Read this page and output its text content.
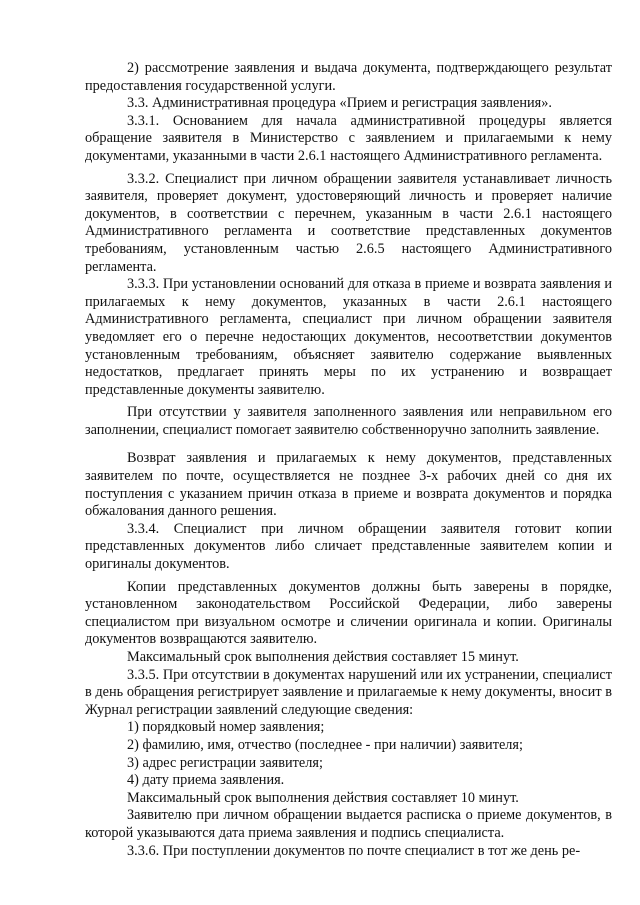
2) рассмотрение заявления и выдача документа, подтверждающего результат предоставления государственной услуги.

3.3. Административная процедура «Прием и регистрация заявления».

3.3.1. Основанием для начала административной процедуры является обращение заявителя в Министерство с заявлением и прилагаемыми к нему документами, указанными в части 2.6.1 настоящего Административного регламента.

3.3.2. Специалист при личном обращении заявителя устанавливает личность заявителя, проверяет документ, удостоверяющий личность и проверяет наличие документов, в соответствии с перечнем, указанным в части 2.6.1 настоящего Административного регламента и соответствие представленных документов требованиям, установленным частью 2.6.5 настоящего Административного регламента.

3.3.3. При установлении оснований для отказа в приеме и возврата заявления и прилагаемых к нему документов, указанных в части 2.6.1 настоящего Административного регламента, специалист при личном обращении заявителя уведомляет его о перечне недостающих документов, несоответствии документов установленным требованиям, объясняет заявителю содержание выявленных недостатков, предлагает принять меры по их устранению и возвращает представленные документы заявителю.

При отсутствии у заявителя заполненного заявления или неправильном его заполнении, специалист помогает заявителю собственноручно заполнить заявление.

Возврат заявления и прилагаемых к нему документов, представленных заявителем по почте, осуществляется не позднее 3-х рабочих дней со дня их поступления с указанием причин отказа в приеме и возврата документов и порядка обжалования данного решения.

3.3.4. Специалист при личном обращении заявителя готовит копии представленных документов либо сличает представленные заявителем копии и оригиналы документов.

Копии представленных документов должны быть заверены в порядке, установленном законодательством Российской Федерации, либо заверены специалистом при визуальном осмотре и сличении оригинала и копии. Оригиналы документов возвращаются заявителю.

Максимальный срок выполнения действия составляет 15 минут.

3.3.5. При отсутствии в документах нарушений или их устранении, специалист в день обращения регистрирует заявление и прилагаемые к нему документы, вносит в Журнал регистрации заявлений следующие сведения:

1) порядковый номер заявления;

2) фамилию, имя, отчество (последнее - при наличии) заявителя;

3) адрес регистрации заявителя;

4) дату приема заявления.

Максимальный срок выполнения действия составляет 10 минут.

Заявителю при личном обращении выдается расписка о приеме документов, в которой указываются дата приема заявления и подпись специалиста.

3.3.6. При поступлении документов по почте специалист в тот же день ре-
